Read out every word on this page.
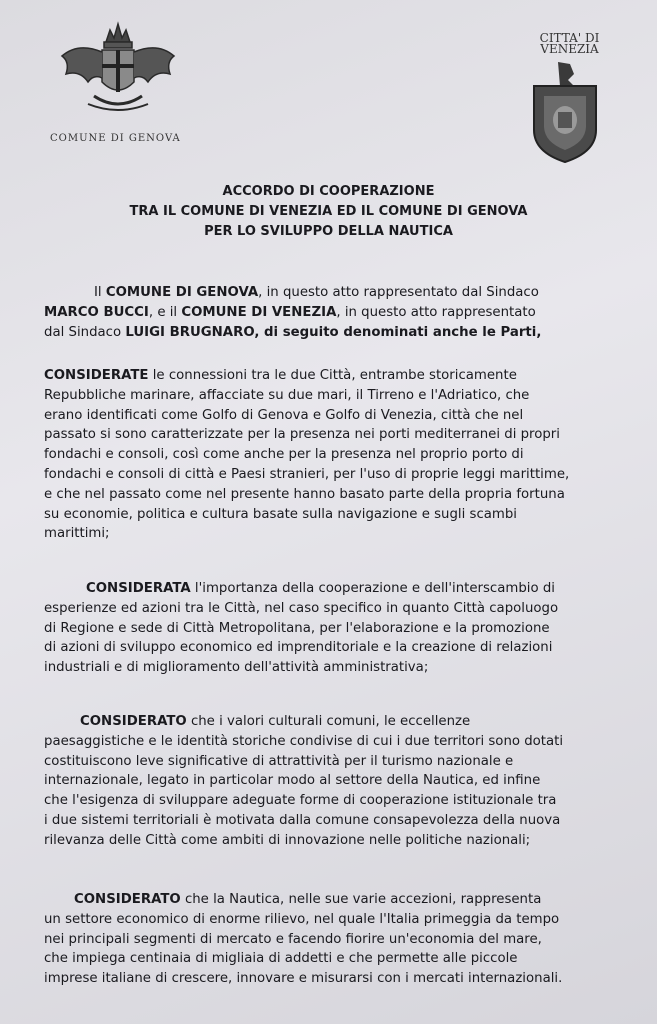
COMUNE DI GENOVA
CITTA' DI
VENEZIA
ACCORDO DI COOPERAZIONE
TRA IL COMUNE DI VENEZIA ED IL COMUNE DI GENOVA
PER LO SVILUPPO DELLA NAUTICA
Il COMUNE DI GENOVA, in questo atto rappresentato dal Sindaco
MARCO BUCCI, e il COMUNE DI VENEZIA, in questo atto rappresentato
dal Sindaco LUIGI BRUGNARO, di seguito denominati anche le Parti,
CONSIDERATE le connessioni tra le due Città, entrambe storicamente
Repubbliche marinare, affacciate su due mari, il Tirreno e l'Adriatico, che
erano identificati come Golfo di Genova e Golfo di Venezia, città che nel
passato si sono caratterizzate per la presenza nei porti mediterranei di propri
fondachi e consoli, così come anche per la presenza nel proprio porto di
fondachi e consoli di città e Paesi stranieri, per l'uso di proprie leggi marittime,
e che nel passato come nel presente hanno basato parte della propria fortuna
su economie, politica e cultura basate sulla navigazione e sugli scambi
marittimi;
CONSIDERATA l'importanza della cooperazione e dell'interscambio di
esperienze ed azioni tra le Città, nel caso specifico in quanto Città capoluogo
di Regione e sede di Città Metropolitana, per l'elaborazione e la promozione
di azioni di sviluppo economico ed imprenditoriale e la creazione di relazioni
industriali e di miglioramento dell'attività amministrativa;
CONSIDERATO che i valori culturali comuni, le eccellenze
paesaggistiche e le identità storiche condivise di cui i due territori sono dotati
costituiscono leve significative di attrattività per il turismo nazionale e
internazionale, legato in particolar modo al settore della Nautica, ed infine
che l'esigenza di sviluppare adeguate forme di cooperazione istituzionale tra
i due sistemi territoriali è motivata dalla comune consapevolezza della nuova
rilevanza delle Città come ambiti di innovazione nelle politiche nazionali;
CONSIDERATO che la Nautica, nelle sue varie accezioni, rappresenta
un settore economico di enorme rilievo, nel quale l'Italia primeggia da tempo
nei principali segmenti di mercato e facendo fiorire un'economia del mare,
che impiega centinaia di migliaia di addetti e che permette alle piccole
imprese italiane di crescere, innovare e misurarsi con i mercati internazionali.
